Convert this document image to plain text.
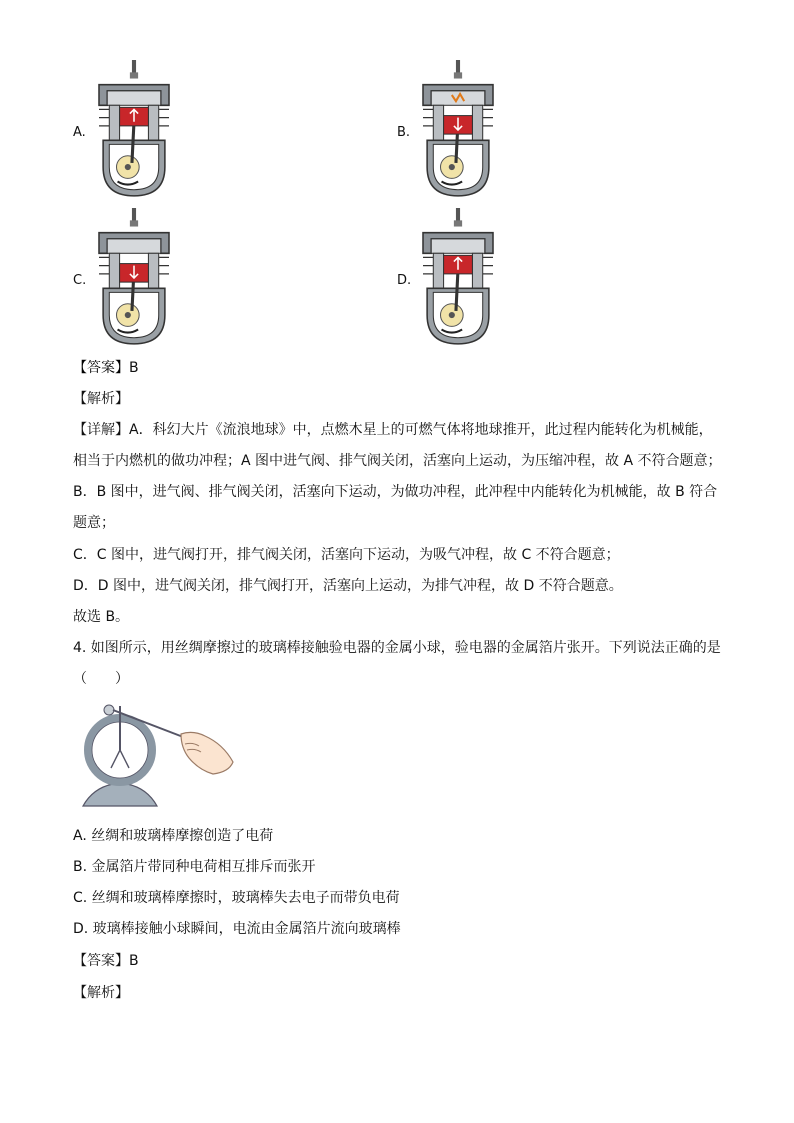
A.	B.
C.	D.
【答案】B
【解析】
【详解】A．科幻大片《流浪地球》中，点燃木星上的可燃气体将地球推开，此过程内能转化为机械能，
相当于内燃机的做功冲程；A 图中进气阀、排气阀关闭，活塞向上运动，为压缩冲程，故 A 不符合题意；
B．B 图中，进气阀、排气阀关闭，活塞向下运动，为做功冲程，此冲程中内能转化为机械能，故 B 符合
题意；
C．C 图中，进气阀打开，排气阀关闭，活塞向下运动，为吸气冲程，故 C 不符合题意；
D．D 图中，进气阀关闭，排气阀打开，活塞向上运动，为排气冲程，故 D 不符合题意。
故选 B。
4. 如图所示，用丝绸摩擦过的玻璃棒接触验电器的金属小球，验电器的金属箔片张开。下列说法正确的是
（　　）
A. 丝绸和玻璃棒摩擦创造了电荷
B. 金属箔片带同种电荷相互排斥而张开
C. 丝绸和玻璃棒摩擦时，玻璃棒失去电子而带负电荷
D. 玻璃棒接触小球瞬间，电流由金属箔片流向玻璃棒
【答案】B
【解析】
